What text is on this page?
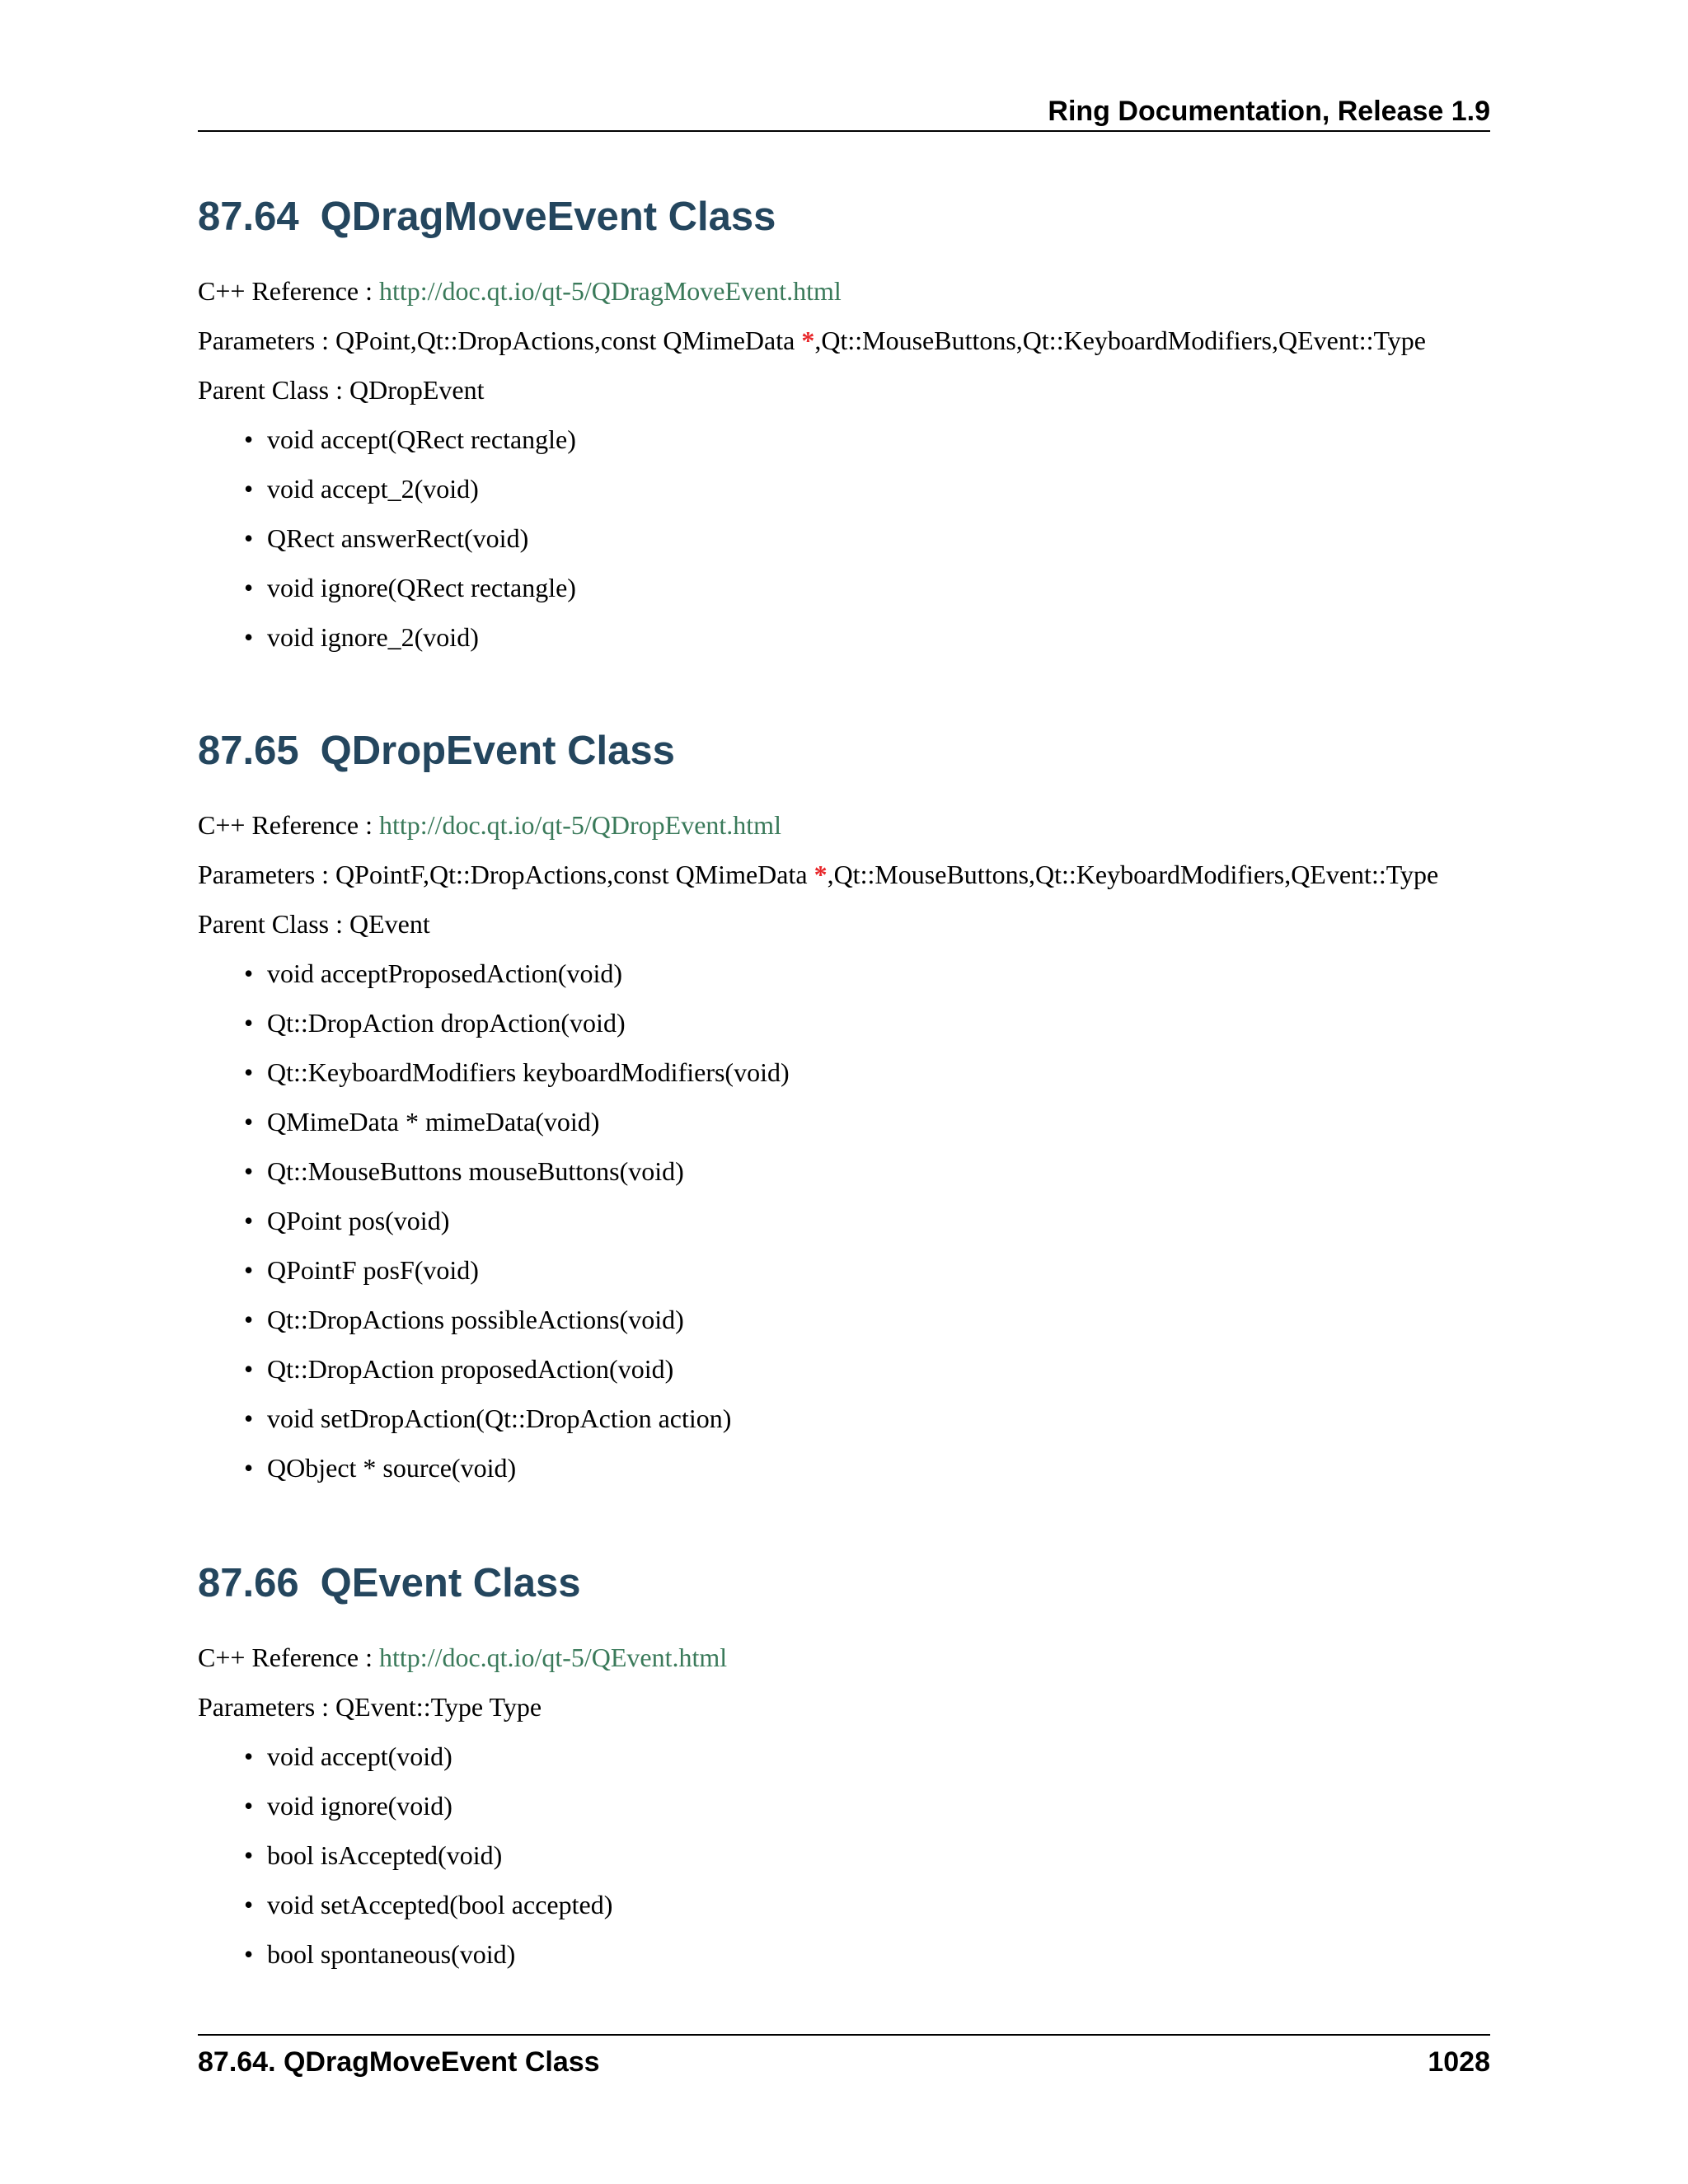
Ring Documentation, Release 1.9
87.64 QDragMoveEvent Class
C++ Reference : http://doc.qt.io/qt-5/QDragMoveEvent.html
Parameters : QPoint,Qt::DropActions,const QMimeData *,Qt::MouseButtons,Qt::KeyboardModifiers,QEvent::Type
Parent Class : QDropEvent
• void accept(QRect rectangle)
• void accept_2(void)
• QRect answerRect(void)
• void ignore(QRect rectangle)
• void ignore_2(void)
87.65 QDropEvent Class
C++ Reference : http://doc.qt.io/qt-5/QDropEvent.html
Parameters : QPointF,Qt::DropActions,const QMimeData *,Qt::MouseButtons,Qt::KeyboardModifiers,QEvent::Type
Parent Class : QEvent
• void acceptProposedAction(void)
• Qt::DropAction dropAction(void)
• Qt::KeyboardModifiers keyboardModifiers(void)
• QMimeData * mimeData(void)
• Qt::MouseButtons mouseButtons(void)
• QPoint pos(void)
• QPointF posF(void)
• Qt::DropActions possibleActions(void)
• Qt::DropAction proposedAction(void)
• void setDropAction(Qt::DropAction action)
• QObject * source(void)
87.66 QEvent Class
C++ Reference : http://doc.qt.io/qt-5/QEvent.html
Parameters : QEvent::Type Type
• void accept(void)
• void ignore(void)
• bool isAccepted(void)
• void setAccepted(bool accepted)
• bool spontaneous(void)
87.64. QDragMoveEvent Class	1028
